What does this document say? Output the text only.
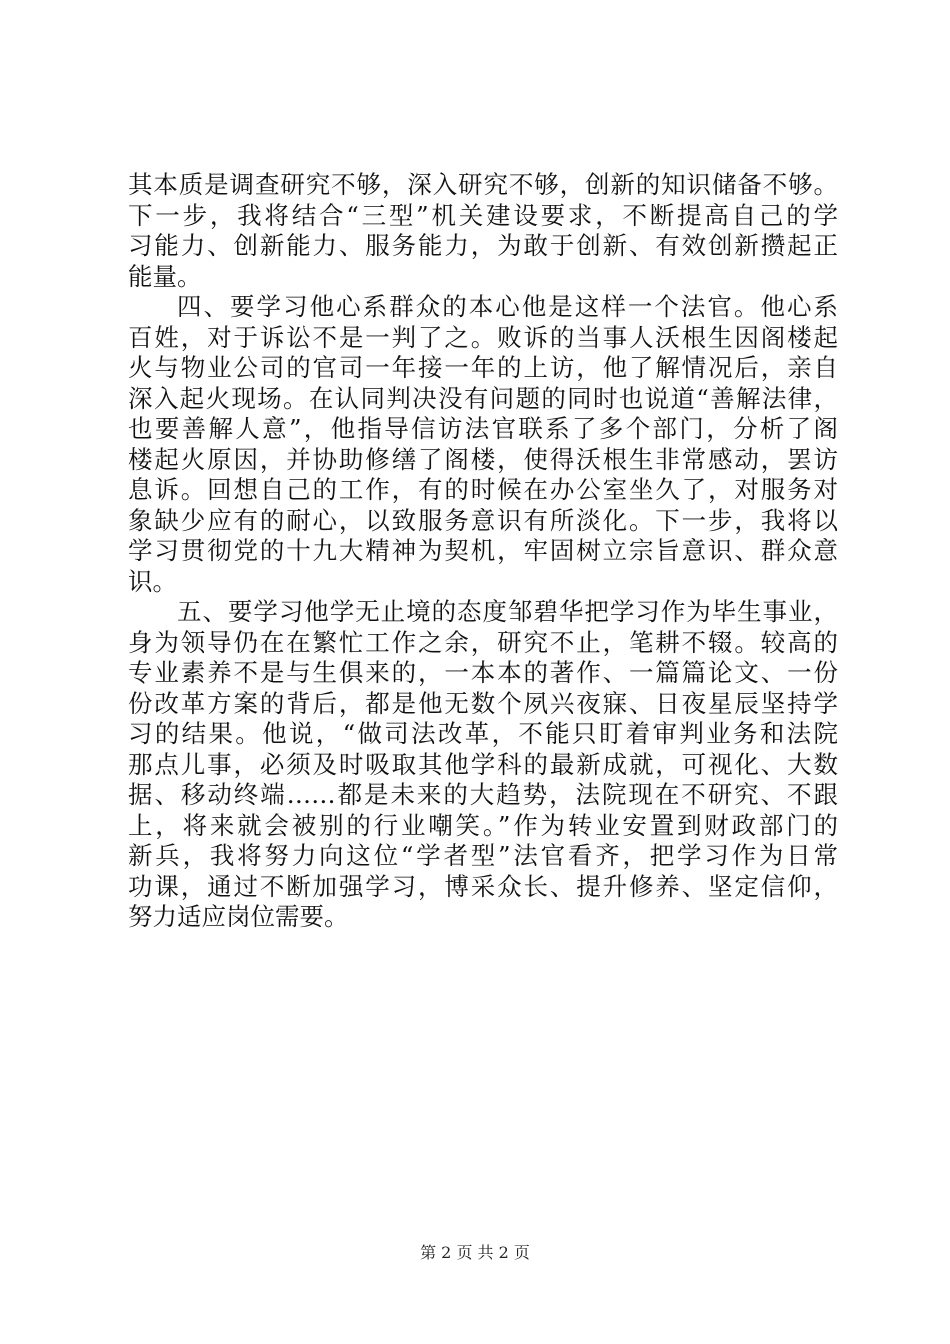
其本质是调查研究不够，深入研究不够，创新的知识储备不够。
下一步，我将结合“三型”机关建设要求，不断提高自己的学
习能力、创新能力、服务能力，为敢于创新、有效创新攒起正
能量。
四、要学习他心系群众的本心他是这样一个法官。他心系
百姓，对于诉讼不是一判了之。败诉的当事人沃根生因阁楼起
火与物业公司的官司一年接一年的上访，他了解情况后，亲自
深入起火现场。在认同判决没有问题的同时也说道“善解法律，
也要善解人意”，他指导信访法官联系了多个部门，分析了阁
楼起火原因，并协助修缮了阁楼，使得沃根生非常感动，罢访
息诉。回想自己的工作，有的时候在办公室坐久了，对服务对
象缺少应有的耐心，以致服务意识有所淡化。下一步，我将以
学习贯彻党的十九大精神为契机，牢固树立宗旨意识、群众意
识。
五、要学习他学无止境的态度邹碧华把学习作为毕生事业，
身为领导仍在在繁忙工作之余，研究不止，笔耕不辍。较高的
专业素养不是与生俱来的，一本本的著作、一篇篇论文、一份
份改革方案的背后，都是他无数个夙兴夜寐、日夜星辰坚持学
习的结果。他说，“做司法改革，不能只盯着审判业务和法院
那点儿事，必须及时吸取其他学科的最新成就，可视化、大数
据、移动终端……都是未来的大趋势，法院现在不研究、不跟
上，将来就会被别的行业嘲笑。”作为转业安置到财政部门的
新兵，我将努力向这位“学者型”法官看齐，把学习作为日常
功课，通过不断加强学习，博采众长、提升修养、坚定信仰，
努力适应岗位需要。
第 2 页 共 2 页
